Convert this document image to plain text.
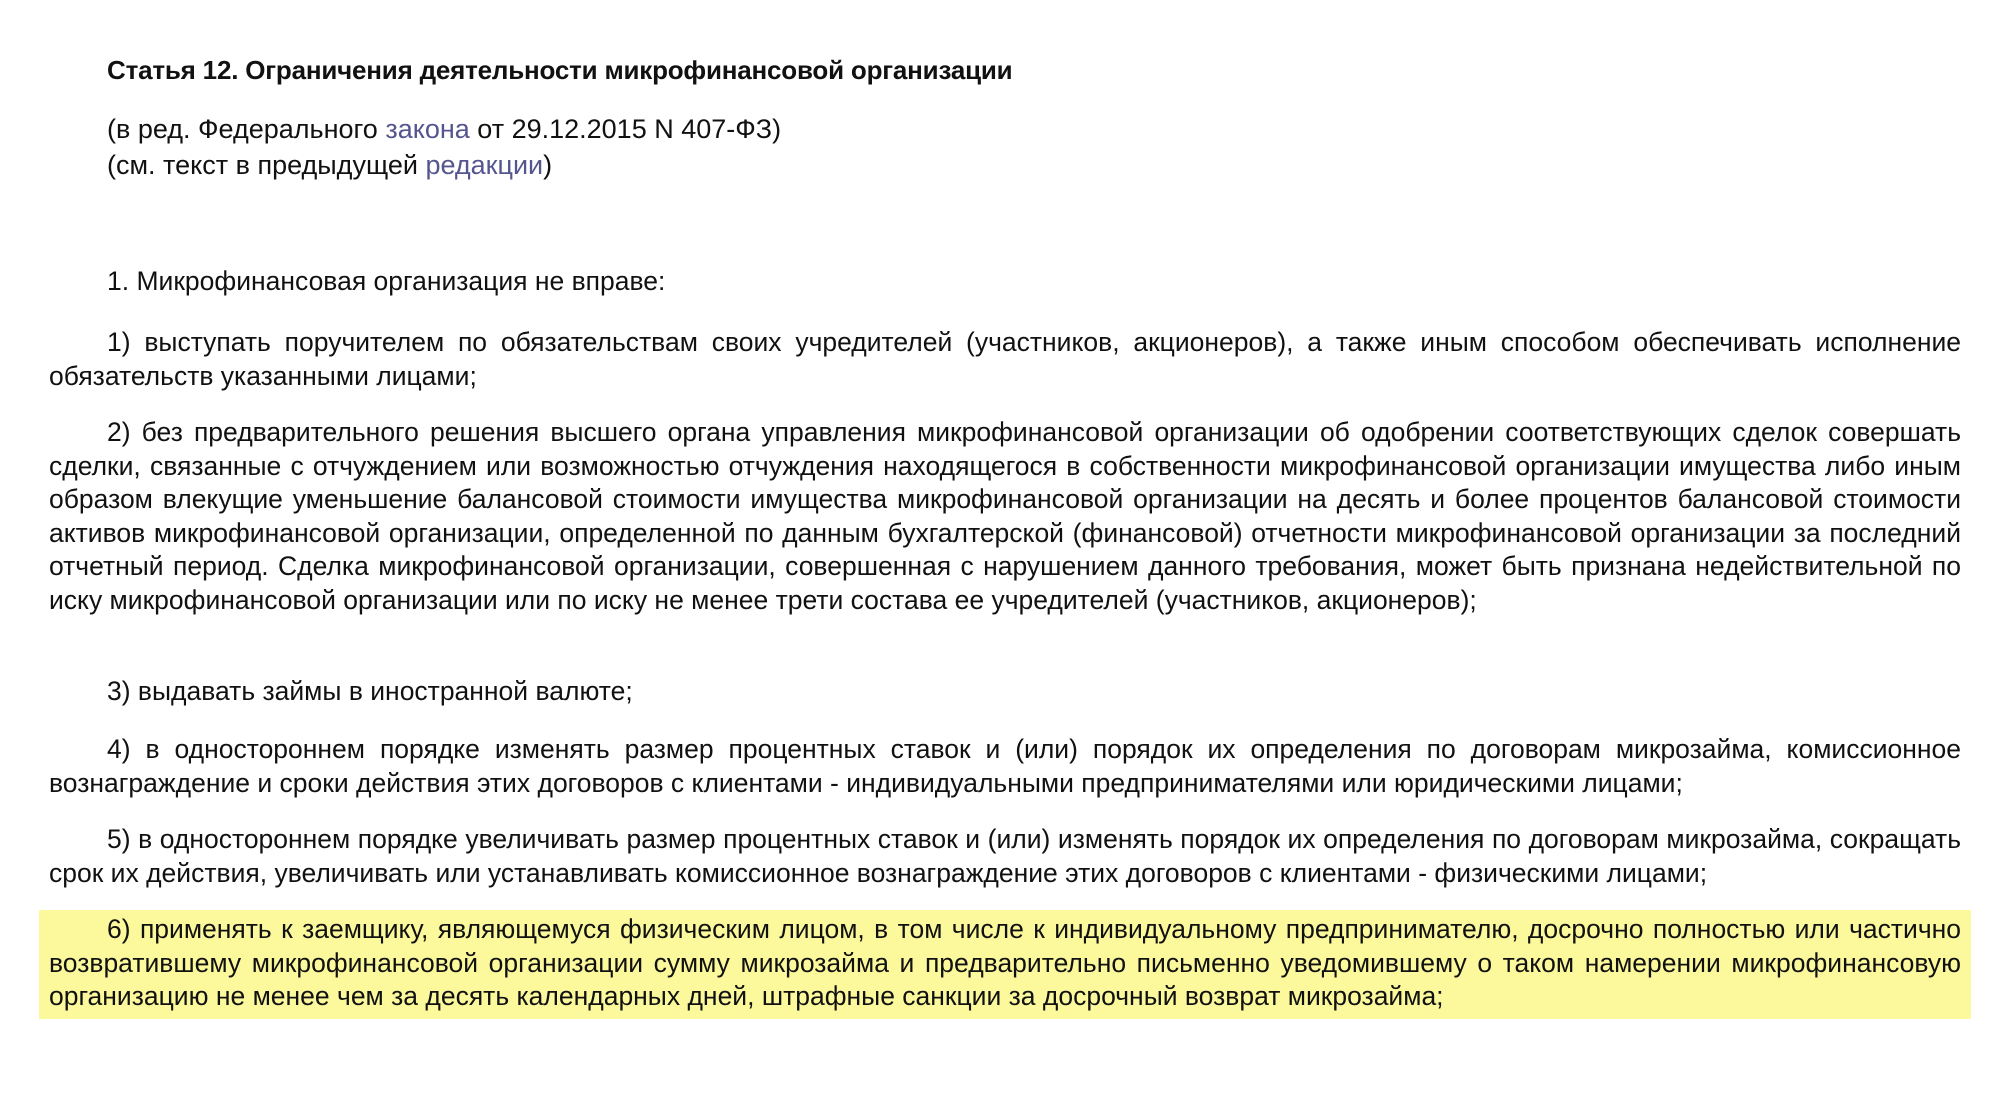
Статья 12. Ограничения деятельности микрофинансовой организации
(в ред. Федерального закона от 29.12.2015 N 407-ФЗ)
(см. текст в предыдущей редакции)

1. Микрофинансовая организация не вправе:

1) выступать поручителем по обязательствам своих учредителей (участников, акционеров), а также иным способом обеспечивать исполнение обязательств указанными лицами;

2) без предварительного решения высшего органа управления микрофинансовой организации об одобрении соответствующих сделок совершать сделки, связанные с отчуждением или возможностью отчуждения находящегося в собственности микрофинансовой организации имущества либо иным образом влекущие уменьшение балансовой стоимости имущества микрофинансовой организации на десять и более процентов балансовой стоимости активов микрофинансовой организации, определенной по данным бухгалтерской (финансовой) отчетности микрофинансовой организации за последний отчетный период. Сделка микрофинансовой организации, совершенная с нарушением данного требования, может быть признана недействительной по иску микрофинансовой организации или по иску не менее трети состава ее учредителей (участников, акционеров);

3) выдавать займы в иностранной валюте;

4) в одностороннем порядке изменять размер процентных ставок и (или) порядок их определения по договорам микрозайма, комиссионное вознаграждение и сроки действия этих договоров с клиентами - индивидуальными предпринимателями или юридическими лицами;

5) в одностороннем порядке увеличивать размер процентных ставок и (или) изменять порядок их определения по договорам микрозайма, сокращать срок их действия, увеличивать или устанавливать комиссионное вознаграждение этих договоров с клиентами - физическими лицами;

6) применять к заемщику, являющемуся физическим лицом, в том числе к индивидуальному предпринимателю, досрочно полностью или частично возвратившему микрофинансовой организации сумму микрозайма и предварительно письменно уведомившему о таком намерении микрофинансовую организацию не менее чем за десять календарных дней, штрафные санкции за досрочный возврат микрозайма;
